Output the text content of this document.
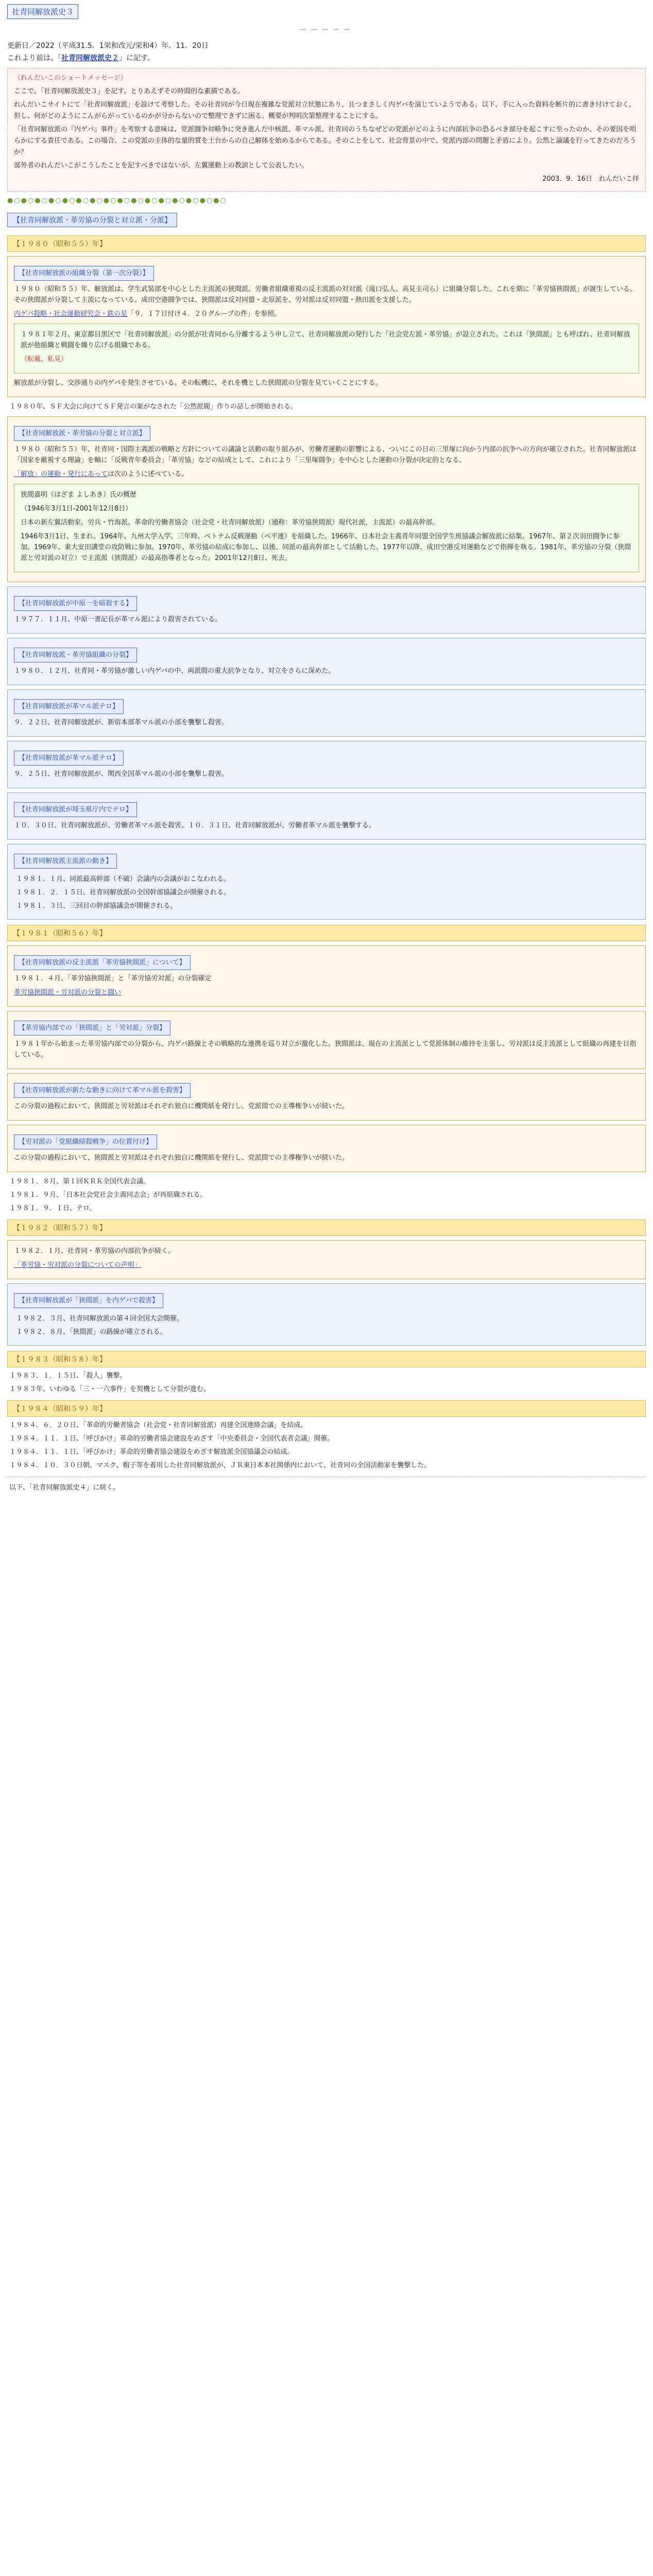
社青同解放派史３
∽∽∽∽∽
更新日／2022（平成31.5．1栄和改元/栄和4）年．11．20日
これより前は、「社青同解放派史２」に記す。

（れんだいこのショートメッセージ）

ここで、「社青同解放派史３」を記す。とりあえずその時間的な素描である。

れんだいこサイトにて「社青同解放派」を設けて考察した。その社青同が今日現在複雑な党派対立状態にあり、且つまさしく内ゲバを演じていようである。以下、手に入った資料を断片的に書き付けておく。但し、何がどのようにこんがらがっているのかが分からないので整理できずに困る。概要が判明次第整理することにする。

「社青同解放派の『内ゲバ』事件」を考察する意味は、党派闘争対略争に突き進んだ中核派、革マル派、社青同のうちなぜどの党派がどのように内部抗争の恐るべき部分を起こすに至ったのか、その要因を明らかにする責任である。この場合、この党派の主体的な量的質を土台からの自己解体を始めるからである。そのことをして、社会背景の中で、党派内部の問題と矛盾により、公然と論議を行ってきたのだろうか？

部外者のれんだいこがこうしたことを記すべきではないが、左翼運動上の教訓として公表したい。

2003．9．16日　れんだいこ拝

●○●○●○●○●○●○●○●○●○●○●○●○●○●○●○●○
【社青同解放派・革労協の分裂と対立派・分派】
【１９８０（昭和５５）年】
【社青同解放派の組織分裂（第一次分裂）】

１９８０（昭和５５）年、解放派は、学生武装部を中心とした主流派の狭間派、労働者組織重視の反主流派の対対派（滝口弘人、高見圭司ら）に組織分裂した。これを期に「革労協狭間派」が誕生している。その狭間派が分裂して主流になっている。成田空港闘争では、狭間派は反対同盟・北原派を、労対派は反対同盟・熱田派を支援した。

内ゲバ殺略・社会運動研究会・鉄の星「９．１７日付け４．２０グループの件」を参照。

１９８１年２月、東京都目黒区で「社青同解放派」の分派が社青同から分離するよう申し立て、社青同解放派の発行した「社会党左派・革労協」が設立された。これは「狭間派」とも呼ばれ、社青同解放派が他組織と戦闘を繰り広げる組織である。

（転載、私見）

解放派が分裂し、交渉通りの内ゲバを発生させている。その転機に、それを機とした狭間派の分裂を見ていくことにする。

１９８０年、ＳＦ大会に向けてＳＦ発言の案がなされた「公然派閥」作りの話しが開始される。
【社青同解放派・革労協の分裂と対立派】

１９８０（昭和５５）年、社青同・国際主義派の戦略と方針についての議論と活動の取り組みが、労働者運動の影響による、ついにこの日の三里塚に向かう内部の抗争への方向が確立された。社青同解放派は「国家を敵視する理論」を軸に「反戦青年委員会」「革労協」などの結成として、これにより「三里塚闘争」を中心とした運動の分裂が決定的となる。

「解放」の運動・発行にあっては次のように述べている。

狭間嘉明（はざま よしあき）氏の概歴

（1946年3月1日-2001年12月8日）

日本の新左翼活動家。労兵・竹海派。革命的労働者協会（社会党・社青同解放派）（通称：革労協狭間派）現代社派，主流派）の最高幹部。

1946年3月1日、生まれ。1964年、九州大学入学。三年時、ベトナム反戦運動（ベ平連）を組織した。1966年、日本社会主義青年同盟全国学生班協議会解放派に結集。1967年、第２次羽田闘争に参加。1969年、東大安田講堂の攻防戦に参加。1970年、革労協の結成に参加し、以後、同派の最高幹部として活動した。1977年以降、成田空港反対運動などで指揮を執る。1981年、革労協の分裂（狭間派と労対派の対立）で主流派（狭間派）の最高指導者となった。2001年12月8日、死去。

【社青同解放派が中原一を暗殺する】

１９７７．１１月、中原一書記長が革マル派により殺害されている。

【社青同解放派・革労協組織の分裂】

１９８０．１２月、社青同・革労協が激しい内ゲバの中、両派間の重大抗争となり、対立をさらに深めた。

【社青同解放派が革マル派テロ】

９．２２日、社青同解放派が、新宿本部革マル派の小部を襲撃し殺害。

【社青同解放派が革マル派テロ】

９．２５日、社青同解放派が、関西全国革マル派の小部を襲撃し殺害。

【社青同解放派が埼玉県庁内でテロ】

１０．３０日、社青同解放派が、労働者革マル派を殺害。１０．３１日、社青同解放派が、労働者革マル派を襲撃する。

【社青同解放派主流派の動き】
１９８１．１月、同派最高幹部（不破）会議内の会議がおこなわれる。
１９８１．２．１５日、社青同解放派の全国幹部協議会が開催される。
１９８１．３日、三回目の幹部協議会が開催される。
【１９８１（昭和５６）年】
【社青同解放派の反主流派「革労協狭間派」について】

１９８１．４月、「革労協狭間派」と「革労協労対派」の分裂確定

革労協狭間派・労対派の分裂と闘い

【革労協内部での「狭間派」と「労対派」分裂】

１９８１年から始まった革労協内部での分裂から、内ゲバ路線とその戦略的な連携を巡り対立が激化した。狭間派は、現在の主流派として党派体制の維持を主張し、労対派は反主流派として組織の再建を目指している。

【社青同解放派が新たな動きに向けて革マル派を殺害】

この分裂の過程において、狭間派と労対派はそれぞれ独自に機関紙を発行し、党派間での主導権争いが続いた。

【労対派の「党組織暗殺戦争」の位置付け】

この分裂の過程において、狭間派と労対派はそれぞれ独自に機関紙を発行し、党派間での主導権争いが続いた。

１９８１．８月、第１回ＫＲＫ全国代表会議。
１９８１．９月、「日本社会党社会主義同志会」が再組織される。
１９８１．９．１日、テロ。
【１９８２（昭和５７）年】

１９８２．１月、社青同・革労協の内部抗争が続く。

「革労協・労対派の分裂についての声明」

【社青同解放派が「狭間派」を内ゲバで殺害】
１９８２．３月、社青同解放派の第４回全国大会開催。
１９８２．８月、「狭間派」の路線が確立される。
【１９８３（昭和５８）年】
１９８３．１．１５日、「殺人」襲撃。
１９８３年、いわゆる「三・一六事件」を契機として分裂が進む。
【１９８４（昭和５９）年】
１９８４．６．２０日、「革命的労働者協会（社会党・社青同解放派）再建全国連絡会議」を結成。
１９８４．１１．１日、「呼びかけ」革命的労働者協会建設をめざす「中央委員会・全国代表者会議」開催。
１９８４．１１．１日、「呼びかけ」革命的労働者協会建設をめざす解放派全国協議会の結成。
１９８４．１０．３０日朝、マスク、帽子等を着用した社青同解放派が、ＪＲ東日本本社関係内において、社青同の全国活動家を襲撃した。
以下、「社青同解放派史４」に続く。
